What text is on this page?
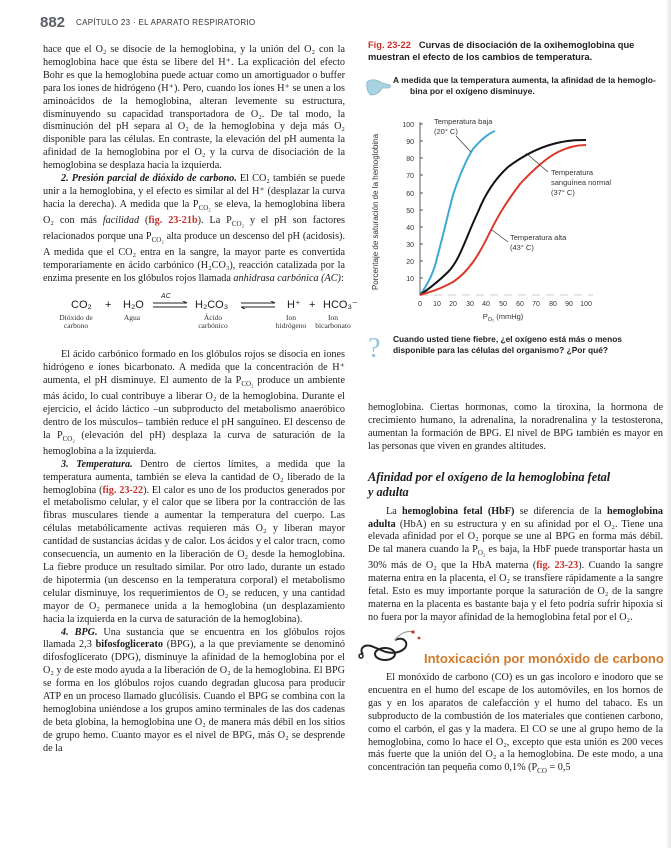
882 CAPÍTULO 23 · EL APARATO RESPIRATORIO

hace que el O₂ se disocie de la hemoglobina, y la unión del O₂ con la hemoglobina hace que ésta se libere del H⁺. La explicación del efecto Bohr es que la hemoglobina puede actuar como un amortiguador o buffer para los iones de hidrógeno (H⁺). Pero, cuando los iones H⁺ se unen a los aminoácidos de la hemoglobina, alteran levemente su estructura, disminuyendo su capacidad transportadora de O₂. De tal modo, la disminución del pH separa al O₂ de la hemoglobina y deja más O₂ disponible para las células. En contraste, la elevación del pH aumenta la afinidad de la hemoglobina por el O₂ y la curva de disociación de la hemoglobina se desplaza hacia la izquierda.

2. Presión parcial de dióxido de carbono. El CO₂ también se puede unir a la hemoglobina, y el efecto es similar al del H⁺ (desplazar la curva hacia la derecha). A medida que la $P_{CO_2}$ se eleva, la hemoglobina libera O₂ con más facilidad (fig. 23-21b). La $P_{CO_2}$ y el pH son factores relacionados porque una $P_{CO_2}$ alta produce un descenso del pH (acidosis). A medida que el CO₂ entra en la sangre, la mayor parte es convertida temporariamente en ácido carbónico (H₂CO₃), reacción catalizada por la enzima presente en los glóbulos rojos llamada anhidrasa carbónica (AC):

CO₂ + H₂O
AC
H₂CO₃ ⇌ H⁺ + HCO₃⁻
Dióxido de carbono
Agua	Ácido carbónico
Ion hidrógeno
Ion bicarbonato

El ácido carbónico formado en los glóbulos rojos se disocia en iones hidrógeno e iones bicarbonato. A medida que la concentración de H⁺ aumenta, el pH disminuye. El aumento de la $P_{CO_2}$ produce un ambiente más ácido, lo cual contribuye a liberar O₂ de la hemoglobina. Durante el ejercicio, el ácido láctico –un subproducto del metabolismo anaeróbico dentro de los músculos– también reduce el pH sanguíneo. El descenso de la $P_{CO_2}$ (elevación del pH) desplaza la curva de saturación de la hemoglobina a la izquierda.

3. Temperatura. Dentro de ciertos límites, a medida que la temperatura aumenta, también se eleva la cantidad de O₂ liberado de la hemoglobina (fig. 23-22). El calor es uno de los productos generados por el metabolismo celular, y el calor que se libera por la contracción de las fibras musculares tiende a aumentar la temperatura del cuerpo. Las células metabólicamente activas requieren más O₂ y liberan mayor cantidad de sustancias ácidas y de calor. Los ácidos y el calor tracn, como consecuencia, un aumento en la liberación de O₂ desde la hemoglobina. La fiebre produce un resultado similar. Por otro lado, durante un estado de hipotermia (un descenso en la temperatura corporal) el metabolismo celular disminuye, los requerimientos de O₂ se reducen, y una cantidad mayor de O₂ permanece unida a la hemoglobina (un desplazamiento hacia la izquierda en la curva de saturación de la hemoglobina).

4. BPG. Una sustancia que se encuentra en los glóbulos rojos llamada 2,3 bifosfoglicerato (BPG), a la que previamente se denominó difosfoglicerato (DPG), disminuye la afinidad de la hemoglobina por el O₂ y de este modo ayuda a la liberación de O₂ de la hemoglobina. El BPG se forma en los glóbulos rojos cuando degradan glucosa para producir ATP en un proceso llamado glucólisis. Cuando el BPG se combina con la hemoglobina uniéndose a los grupos amino terminales de las dos cadenas de beta globina, la hemoglobina une O₂ de manera más débil en los sitios de grupo hemo. Cuanto mayor es el nivel de BPG, más O₂ se desprende de la

Fig. 23-22 Curvas de disociación de la oxihemoglobina que muestran el efecto de los cambios de temperatura.
A medida que la temperatura aumenta, la afinidad de la hemoglo-
bina por el oxígeno disminuye.
Porcentaje de saturación de la hemoglobina
100
90
80
70
60
50
40
30
20
10
0 10 20 30 40 50 60 70 80 90 100
$P_{O_2}$ (mmHg)
Temperatura baja
(20° C)
Temperatura
sanguínea normal
(37° C)
Temperatura alta
(43° C)
? Cuando usted tiene fiebre, ¿el oxígeno está más o menos disponible para las células del organismo? ¿Por qué?

hemoglobina. Ciertas hormonas, como la tiroxina, la hormona de crecimiento humano, la adrenalina, la noradrenalina y la testosterona, aumentan la formación de BPG. El nivel de BPG también es mayor en las personas que viven en grandes altitudes.

Afinidad por el oxígeno de la hemoglobina fetal
y adulta

La hemoglobina fetal (HbF) se diferencia de la hemoglobina adulta (HbA) en su estructura y en su afinidad por el O₂. Tiene una elevada afinidad por el O₂ porque se une al BPG en forma más débil. De tal manera cuando la $P_{O_2}$ es baja, la HbF puede transportar hasta un 30% más de O₂ que la HbA materna (fig. 23-23). Cuando la sangre materna entra en la placenta, el O₂ se transfiere rápidamente a la sangre fetal. Esto es muy importante porque la saturación de O₂ de la sangre materna en la placenta es bastante baja y el feto podría sufrir hipoxia si no fuera por la mayor afinidad de la hemoglobina fetal por el O₂.

Intoxicación por monóxido de carbono

El monóxido de carbono (CO) es un gas incoloro e inodoro que se encuentra en el humo del escape de los automóviles, en los hornos de gas y en los aparatos de calefacción y el humo del tabaco. Es un subproducto de la combustión de los materiales que contienen carbono, como el carbón, el gas y la madera. El CO se une al grupo hemo de la hemoglobina, como lo hace el O₂, excepto que esta unión es 200 veces más fuerte que la unión del O₂ a la hemoglobina. De este modo, a una concentración tan pequeña como 0,1% ($P_{CO} = 0,5$
